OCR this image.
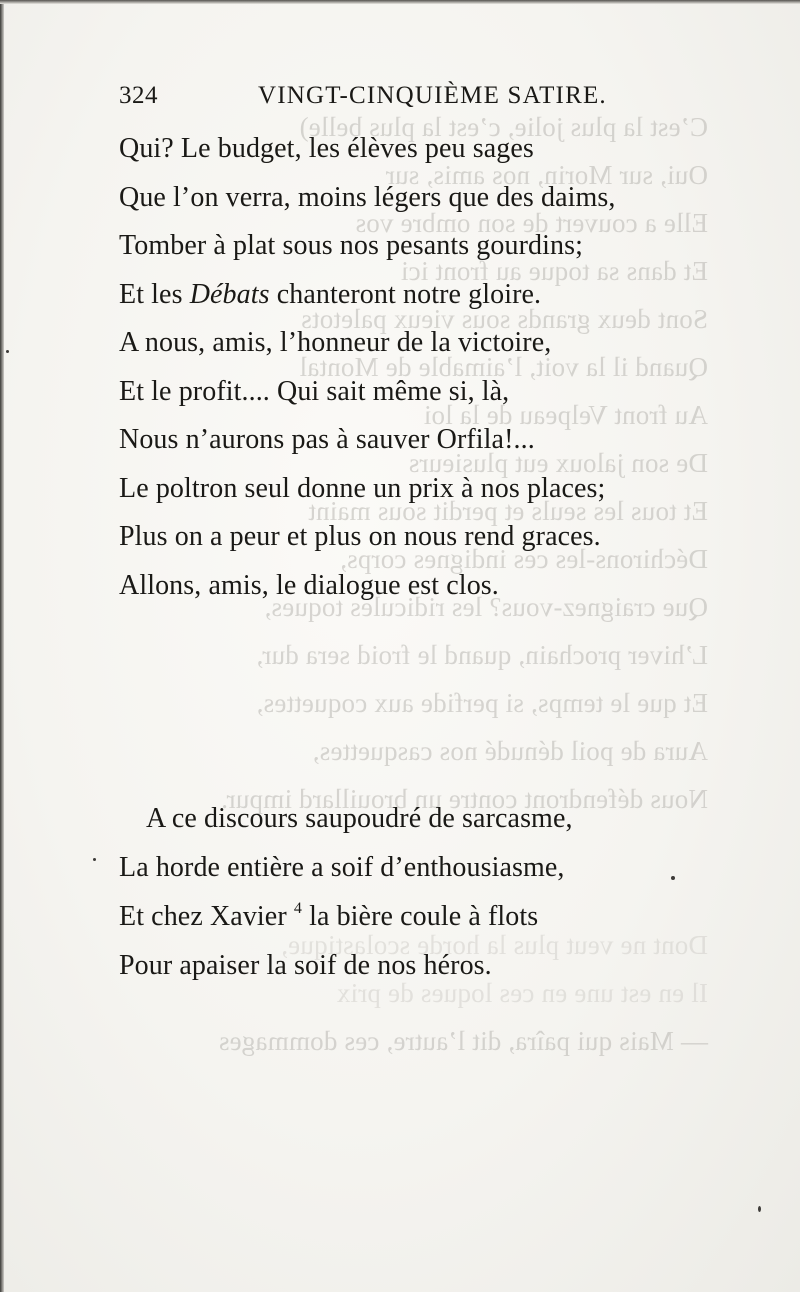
C’est la plus jolie, c’est la plus belle)
Oui, sur Morin, nos amis, sur
Elle a couvert de son ombre vos
Et dans sa toque au front ici
Sont deux grands sous vieux paletots
Quand il la voit, l’aimable de Montal
Au front Velpeau de la loi
De son jaloux eut plusieurs
Et tous les seuls et perdit sous maint
Déchirons-les ces indignes corps,
Que craignez-vous? les ridicules toques,
L’hiver prochain, quand le froid sera dur,
Et que le temps, si perfide aux coquettes,
Aura de poil dénudé nos casquettes,
Nous défendront contre un brouillard impur.
Dont ne veut plus la horde scolastique,
Il en est une en ces loques de prix
— Mais qui paîra, dit l’autre, ces dommages
324	VINGT-CINQUIÈME SATIRE.
Qui? Le budget, les élèves peu sages
Que l’on verra, moins légers que des daims,
Tomber à plat sous nos pesants gourdins;
Et les Débats chanteront notre gloire.
A nous, amis, l’honneur de la victoire,
Et le profit.... Qui sait même si, là,
Nous n’aurons pas à sauver Orfila!...
Le poltron seul donne un prix à nos places;
Plus on a peur et plus on nous rend graces.
Allons, amis, le dialogue est clos.
A ce discours saupoudré de sarcasme,
La horde entière a soif d’enthousiasme,
Et chez Xavier $^4$ la bière coule à flots
Pour apaiser la soif de nos héros.
